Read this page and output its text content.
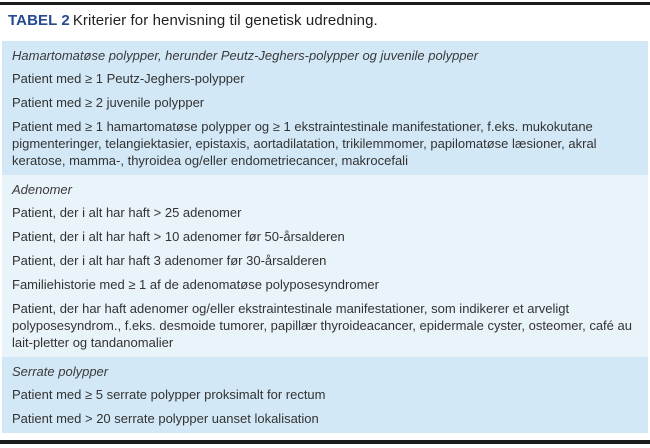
TABEL 2 Kriterier for henvisning til genetisk udredning.
Hamartomatøse polypper, herunder Peutz-Jeghers-polypper og juvenile polypper
Patient med ≥ 1 Peutz-Jeghers-polypper
Patient med ≥ 2 juvenile polypper
Patient med ≥ 1 hamartomatøse polypper og ≥ 1 ekstraintestinale manifestationer, f.eks. mukokutane pigmenteringer, telangiektasier, epistaxis, aortadilatation, trikilemmomer, papilomatøse læsioner, akral keratose, mamma-, thyroidea og/eller endometriecancer, makrocefali
Adenomer
Patient, der i alt har haft > 25 adenomer
Patient, der i alt har haft > 10 adenomer før 50-årsalderen
Patient, der i alt har haft 3 adenomer før 30-årsalderen
Familiehistorie med ≥ 1 af de adenomatøse polyposesyndromer
Patient, der har haft adenomer og/eller ekstraintestinale manifestationer, som indikerer et arveligt polyposesyndrom., f.eks. desmoide tumorer, papillær thyroideacancer, epidermale cyster, osteomer, café au lait-pletter og tandanomalier
Serrate polypper
Patient med ≥ 5 serrate polypper proksimalt for rectum
Patient med > 20 serrate polypper uanset lokalisation
